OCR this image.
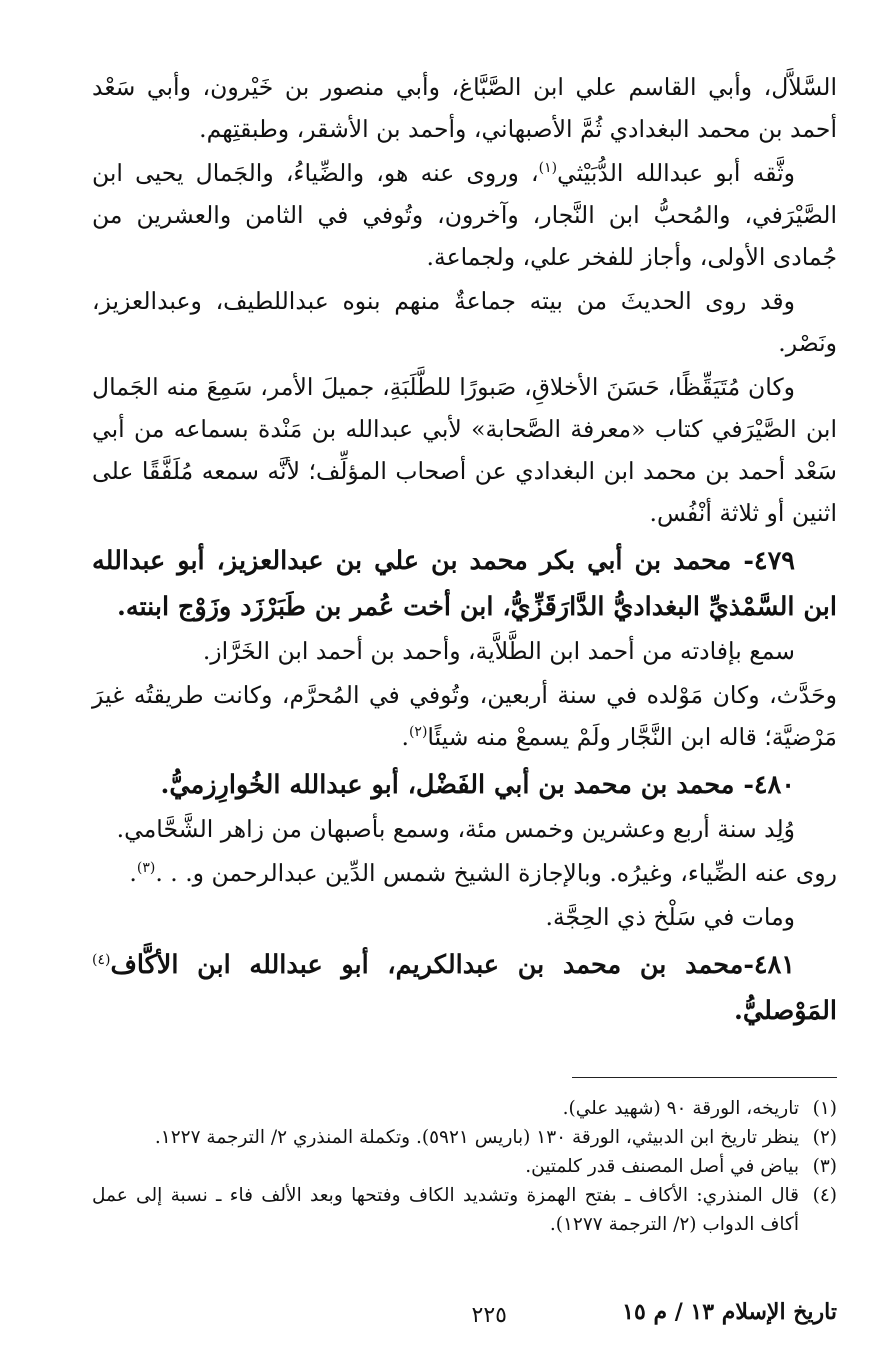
السَّلاَّل، وأبي القاسم علي ابن الصَّبَّاغ، وأبي منصور بن خَيْرون، وأبي سَعْد أحمد بن محمد البغدادي ثُمَّ الأصبهاني، وأحمد بن الأشقر، وطبقتِهم.

وثَّقه أبو عبدالله الدُّبَيْثي$^{(١)}$، وروى عنه هو، والضِّياءُ، والجَمال يحيى ابن الصَّيْرَفي، والمُحبُّ ابن النَّجار، وآخرون، وتُوفي في الثامن والعشرين من جُمادى الأولى، وأجاز للفخر علي، ولجماعة.

وقد روى الحديثَ من بيته جماعةٌ منهم بنوه عبداللطيف، وعبدالعزيز، ونَصْر.

وكان مُتَيَقِّظًا، حَسَنَ الأخلاقِ، صَبورًا للطَّلَبَةِ، جميلَ الأمر، سَمِعَ منه الجَمال ابن الصَّيْرَفي كتاب «معرفة الصَّحابة» لأبي عبدالله بن مَنْدة بسماعه من أبي سَعْد أحمد بن محمد ابن البغدادي عن أصحاب المؤلِّف؛ لأنَّه سمعه مُلَفَّقًا على اثنين أو ثلاثة أنْفُس.

٤٧٩- محمد بن أبي بكر محمد بن علي بن عبدالعزيز، أبو عبدالله ابن السَّمْذيِّ البغداديُّ الدَّارَقَزِّيُّ، ابن أخت عُمر بن طَبَرْزَد وزَوْج ابنته.

سمع بإفادته من أحمد ابن الطَّلاَّية، وأحمد بن أحمد ابن الخَرَّاز.

وحَدَّث، وكان مَوْلده في سنة أربعين، وتُوفي في المُحرَّم، وكانت طريقتُه غيرَ مَرْضيَّة؛ قاله ابن النَّجَّار ولَمْ يسمعْ منه شيئًا$^{(٢)}$.

٤٨٠- محمد بن محمد بن أبي الفَضْل، أبو عبدالله الخُوارِزميُّ.

وُلِد سنة أربع وعشرين وخمس مئة، وسمع بأصبهان من زاهر الشَّحَّامي.

روى عنه الضِّياء، وغيرُه. وبالإجازة الشيخ شمس الدِّين عبدالرحمن و. . .$^{(٣)}$.

ومات في سَلْخ ذي الحِجَّة.

٤٨١-محمد بن محمد بن عبدالكريم، أبو عبدالله ابن الأكَّاف$^{(٤)}$ المَوْصليُّ.

(١)
تاريخه، الورقة ٩٠ (شهيد علي).
(٢)
ينظر تاريخ ابن الدبيثي، الورقة ١٣٠ (باريس ٥٩٢١). وتكملة المنذري ٢/ الترجمة ١٢٢٧.
(٣)
بياض في أصل المصنف قدر كلمتين.
(٤)
قال المنذري: الأكاف ـ بفتح الهمزة وتشديد الكاف وفتحها وبعد الألف فاء ـ نسبة إلى عمل أكاف الدواب (٢/ الترجمة ١٢٧٧).
تاريخ الإسلام ١٣ / م ١٥
٢٢٥
